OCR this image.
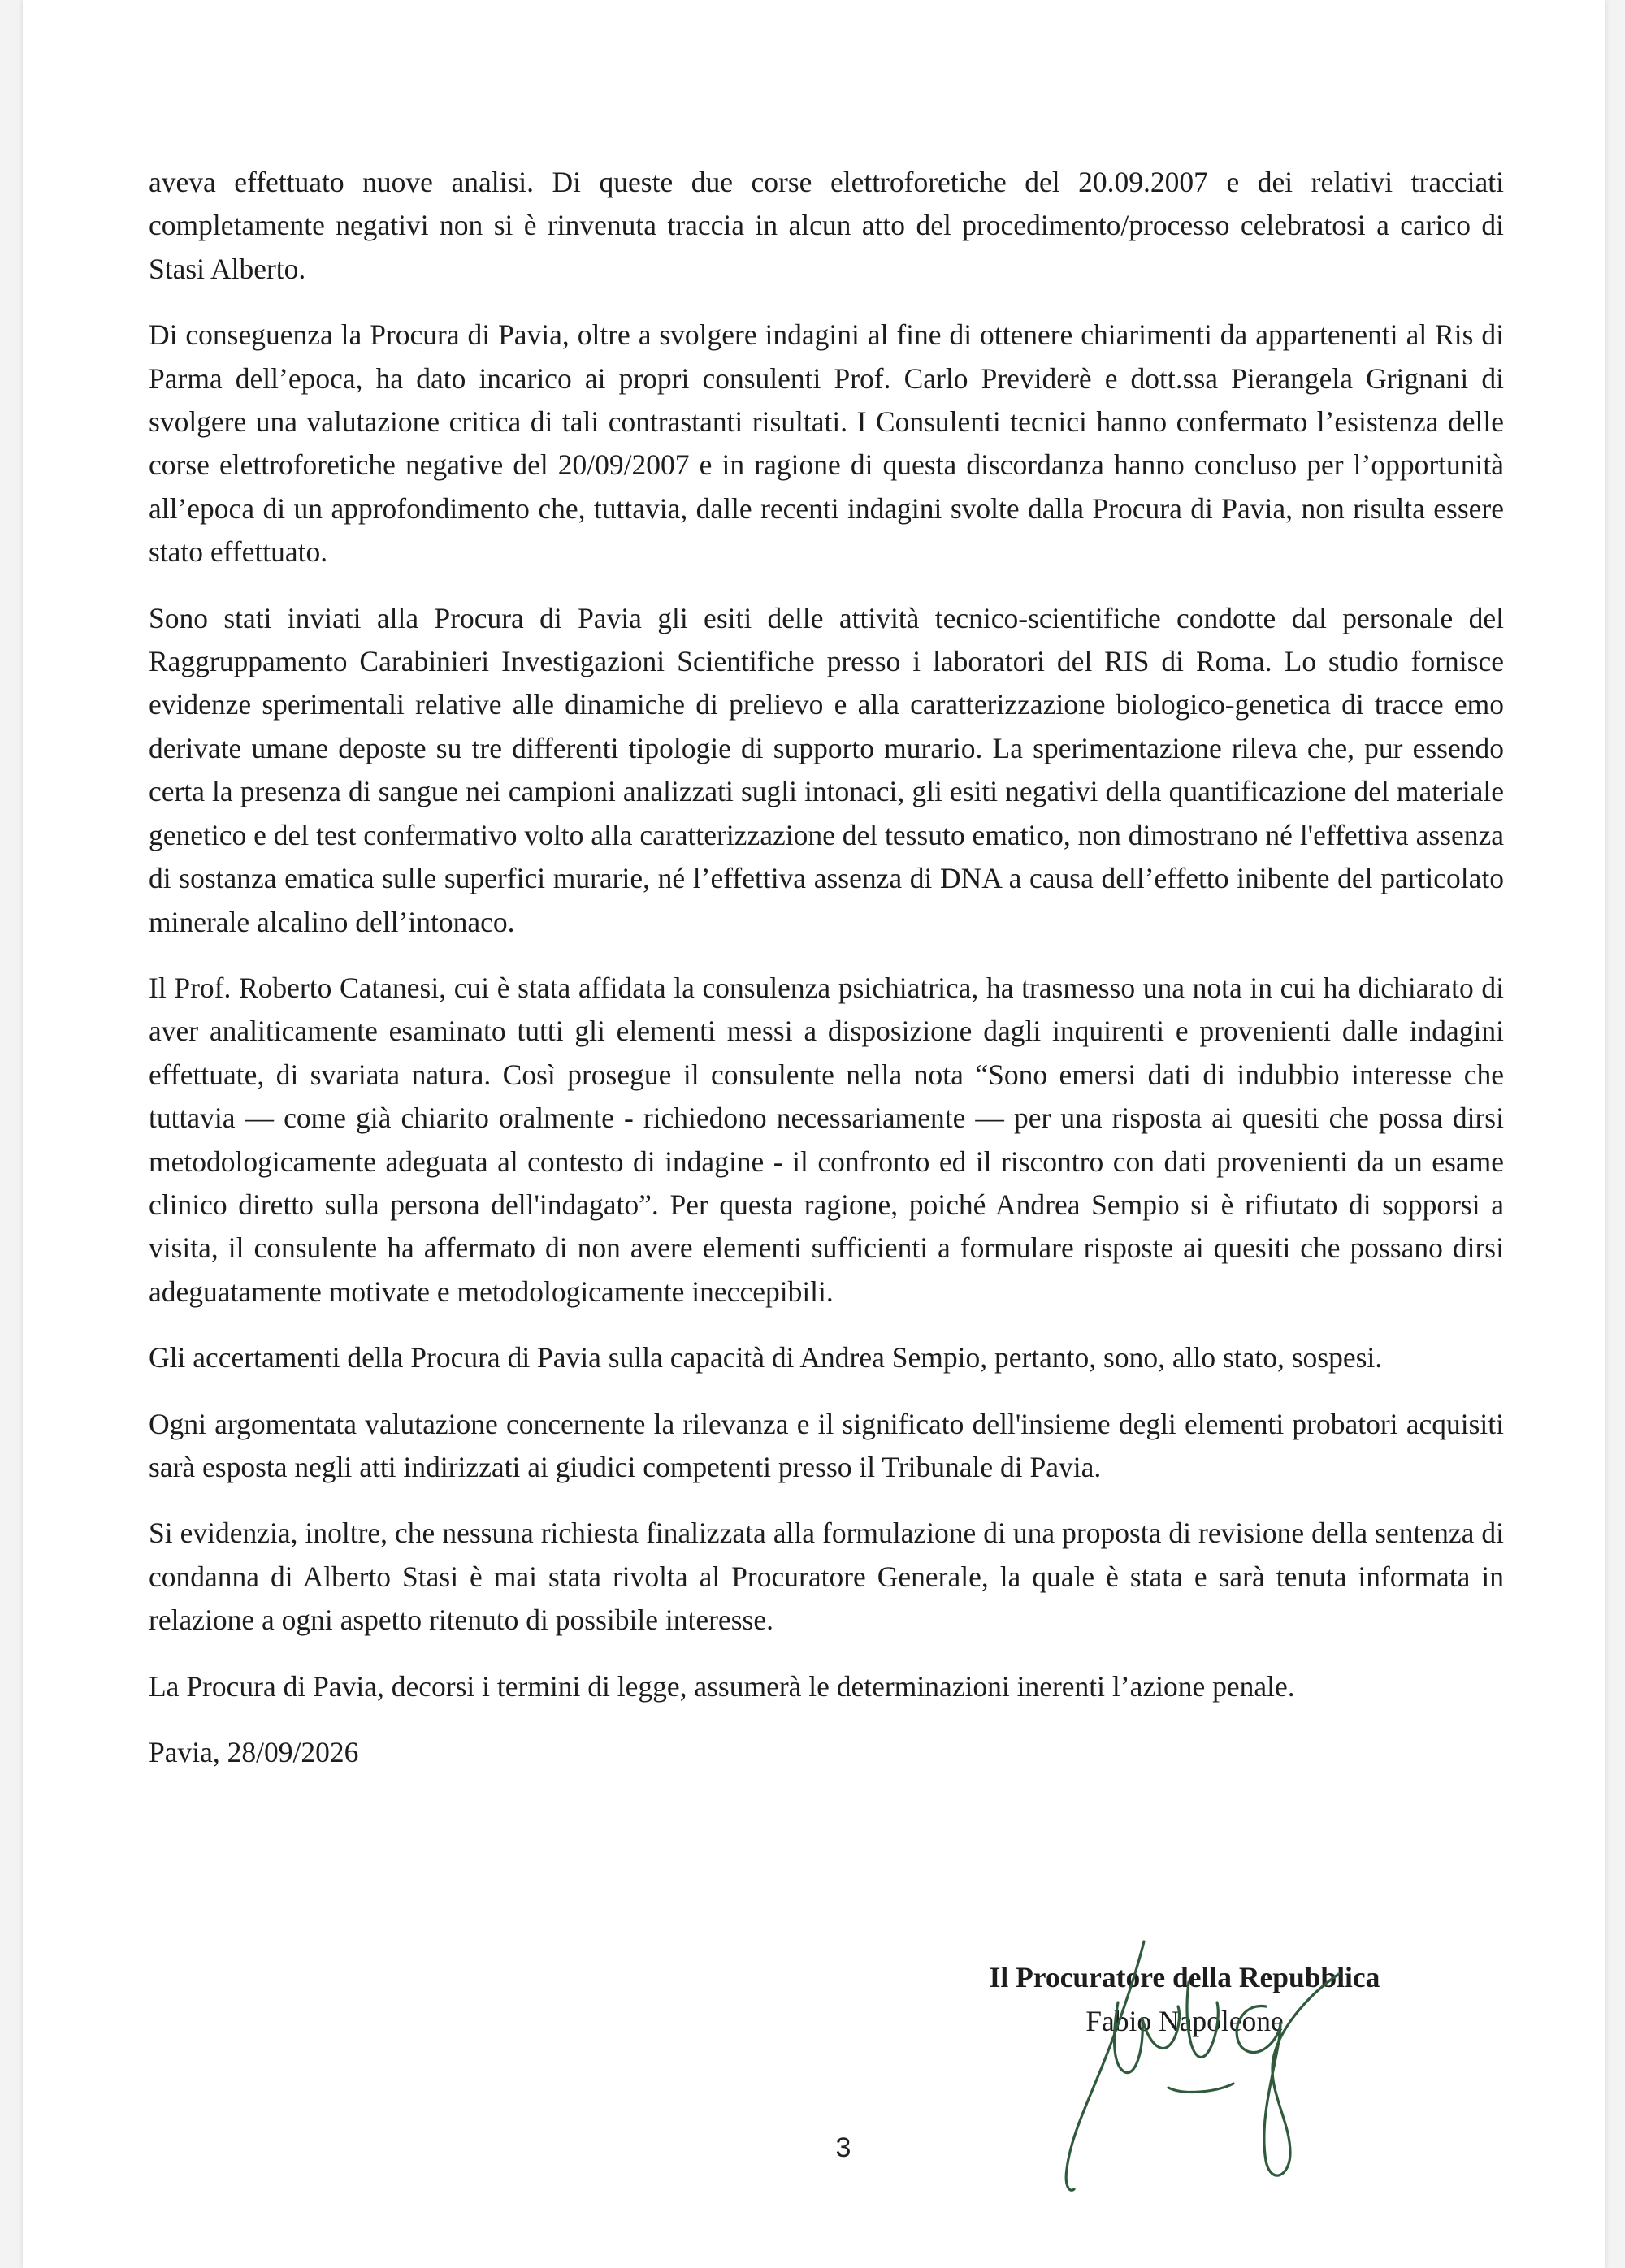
aveva effettuato nuove analisi. Di queste due corse elettroforetiche del 20.09.2007 e dei relativi tracciati completamente negativi non si è rinvenuta traccia in alcun atto del procedimento/processo celebratosi a carico di Stasi Alberto.

Di conseguenza la Procura di Pavia, oltre a svolgere indagini al fine di ottenere chiarimenti da appartenenti al Ris di Parma dell’epoca, ha dato incarico ai propri consulenti Prof. Carlo Previderè e dott.ssa Pierangela Grignani di svolgere una valutazione critica di tali contrastanti risultati. I Consulenti tecnici hanno confermato l’esistenza delle corse elettroforetiche negative del 20/09/2007 e in ragione di questa discordanza hanno concluso per l’opportunità all’epoca di un approfondimento che, tuttavia, dalle recenti indagini svolte dalla Procura di Pavia, non risulta essere stato effettuato.

Sono stati inviati alla Procura di Pavia gli esiti delle attività tecnico-scientifiche condotte dal personale del Raggruppamento Carabinieri Investigazioni Scientifiche presso i laboratori del RIS di Roma. Lo studio fornisce evidenze sperimentali relative alle dinamiche di prelievo e alla caratterizzazione biologico-genetica di tracce emo derivate umane deposte su tre differenti tipologie di supporto murario. La sperimentazione rileva che, pur essendo certa la presenza di sangue nei campioni analizzati sugli intonaci, gli esiti negativi della quantificazione del materiale genetico e del test confermativo volto alla caratterizzazione del tessuto ematico, non dimostrano né l'effettiva assenza di sostanza ematica sulle superfici murarie, né l’effettiva assenza di DNA a causa dell’effetto inibente del particolato minerale alcalino dell’intonaco.

Il Prof. Roberto Catanesi, cui è stata affidata la consulenza psichiatrica, ha trasmesso una nota in cui ha dichiarato di aver analiticamente esaminato tutti gli elementi messi a disposizione dagli inquirenti e provenienti dalle indagini effettuate, di svariata natura. Così prosegue il consulente nella nota “Sono emersi dati di indubbio interesse che tuttavia — come già chiarito oralmente - richiedono necessariamente — per una risposta ai quesiti che possa dirsi metodologicamente adeguata al contesto di indagine - il confronto ed il riscontro con dati provenienti da un esame clinico diretto sulla persona dell'indagato”. Per questa ragione, poiché Andrea Sempio si è rifiutato di sopporsi a visita, il consulente ha affermato di non avere elementi sufficienti a formulare risposte ai quesiti che possano dirsi adeguatamente motivate e metodologicamente ineccepibili.

Gli accertamenti della Procura di Pavia sulla capacità di Andrea Sempio, pertanto, sono, allo stato, sospesi.

Ogni argomentata valutazione concernente la rilevanza e il significato dell'insieme degli elementi probatori acquisiti sarà esposta negli atti indirizzati ai giudici competenti presso il Tribunale di Pavia.

Si evidenzia, inoltre, che nessuna richiesta finalizzata alla formulazione di una proposta di revisione della sentenza di condanna di Alberto Stasi è mai stata rivolta al Procuratore Generale, la quale è stata e sarà tenuta informata in relazione a ogni aspetto ritenuto di possibile interesse.

La Procura di Pavia, decorsi i termini di legge, assumerà le determinazioni inerenti l’azione penale.

Pavia, 28/09/2026

Il Procuratore della Repubblica

Fabio Napoleone

3
